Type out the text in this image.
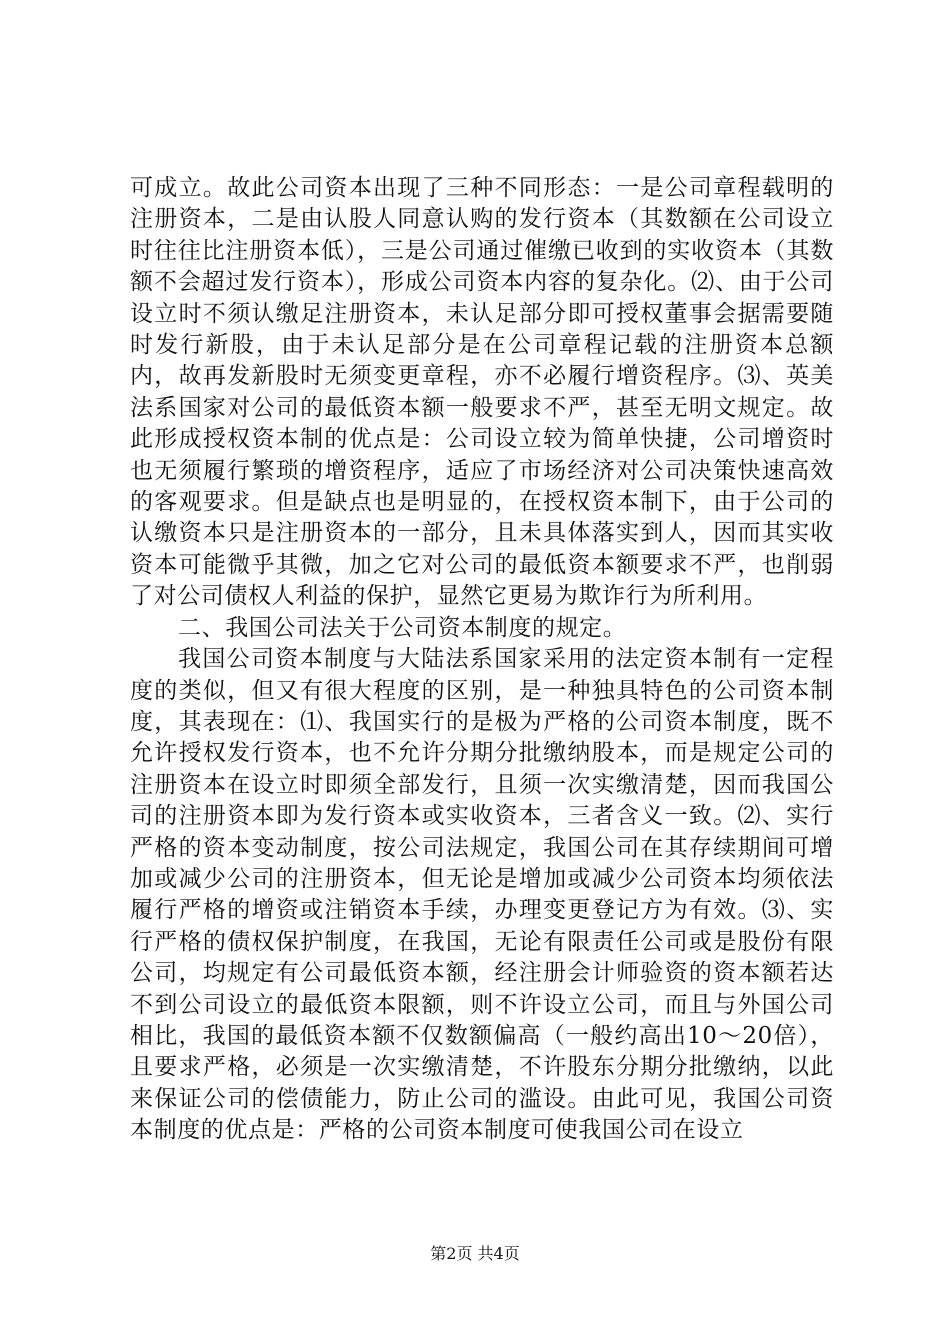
可成立。故此公司资本出现了三种不同形态：一是公司章程载明的注册资本，二是由认股人同意认购的发行资本（其数额在公司设立时往往比注册资本低），三是公司通过催缴已收到的实收资本（其数额不会超过发行资本），形成公司资本内容的复杂化。⑵、由于公司设立时不须认缴足注册资本，未认足部分即可授权董事会据需要随时发行新股，由于未认足部分是在公司章程记载的注册资本总额内，故再发新股时无须变更章程，亦不必履行增资程序。⑶、英美法系国家对公司的最低资本额一般要求不严，甚至无明文规定。故此形成授权资本制的优点是：公司设立较为简单快捷，公司增资时也无须履行繁琐的增资程序，适应了市场经济对公司决策快速高效的客观要求。但是缺点也是明显的，在授权资本制下，由于公司的认缴资本只是注册资本的一部分，且未具体落实到人，因而其实收资本可能微乎其微，加之它对公司的最低资本额要求不严，也削弱了对公司债权人利益的保护，显然它更易为欺诈行为所利用。

二、我国公司法关于公司资本制度的规定。

我国公司资本制度与大陆法系国家采用的法定资本制有一定程度的类似，但又有很大程度的区别，是一种独具特色的公司资本制度，其表现在：⑴、我国实行的是极为严格的公司资本制度，既不允许授权发行资本，也不允许分期分批缴纳股本，而是规定公司的注册资本在设立时即须全部发行，且须一次实缴清楚，因而我国公司的注册资本即为发行资本或实收资本，三者含义一致。⑵、实行严格的资本变动制度，按公司法规定，我国公司在其存续期间可增加或减少公司的注册资本，但无论是增加或减少公司资本均须依法履行严格的增资或注销资本手续，办理变更登记方为有效。⑶、实行严格的债权保护制度，在我国，无论有限责任公司或是股份有限公司，均规定有公司最低资本额，经注册会计师验资的资本额若达不到公司设立的最低资本限额，则不许设立公司，而且与外国公司相比，我国的最低资本额不仅数额偏高（一般约高出10～20倍），且要求严格，必须是一次实缴清楚，不许股东分期分批缴纳，以此来保证公司的偿债能力，防止公司的滥设。由此可见，我国公司资本制度的优点是：严格的公司资本制度可使我国公司在设立

第2页 共4页
